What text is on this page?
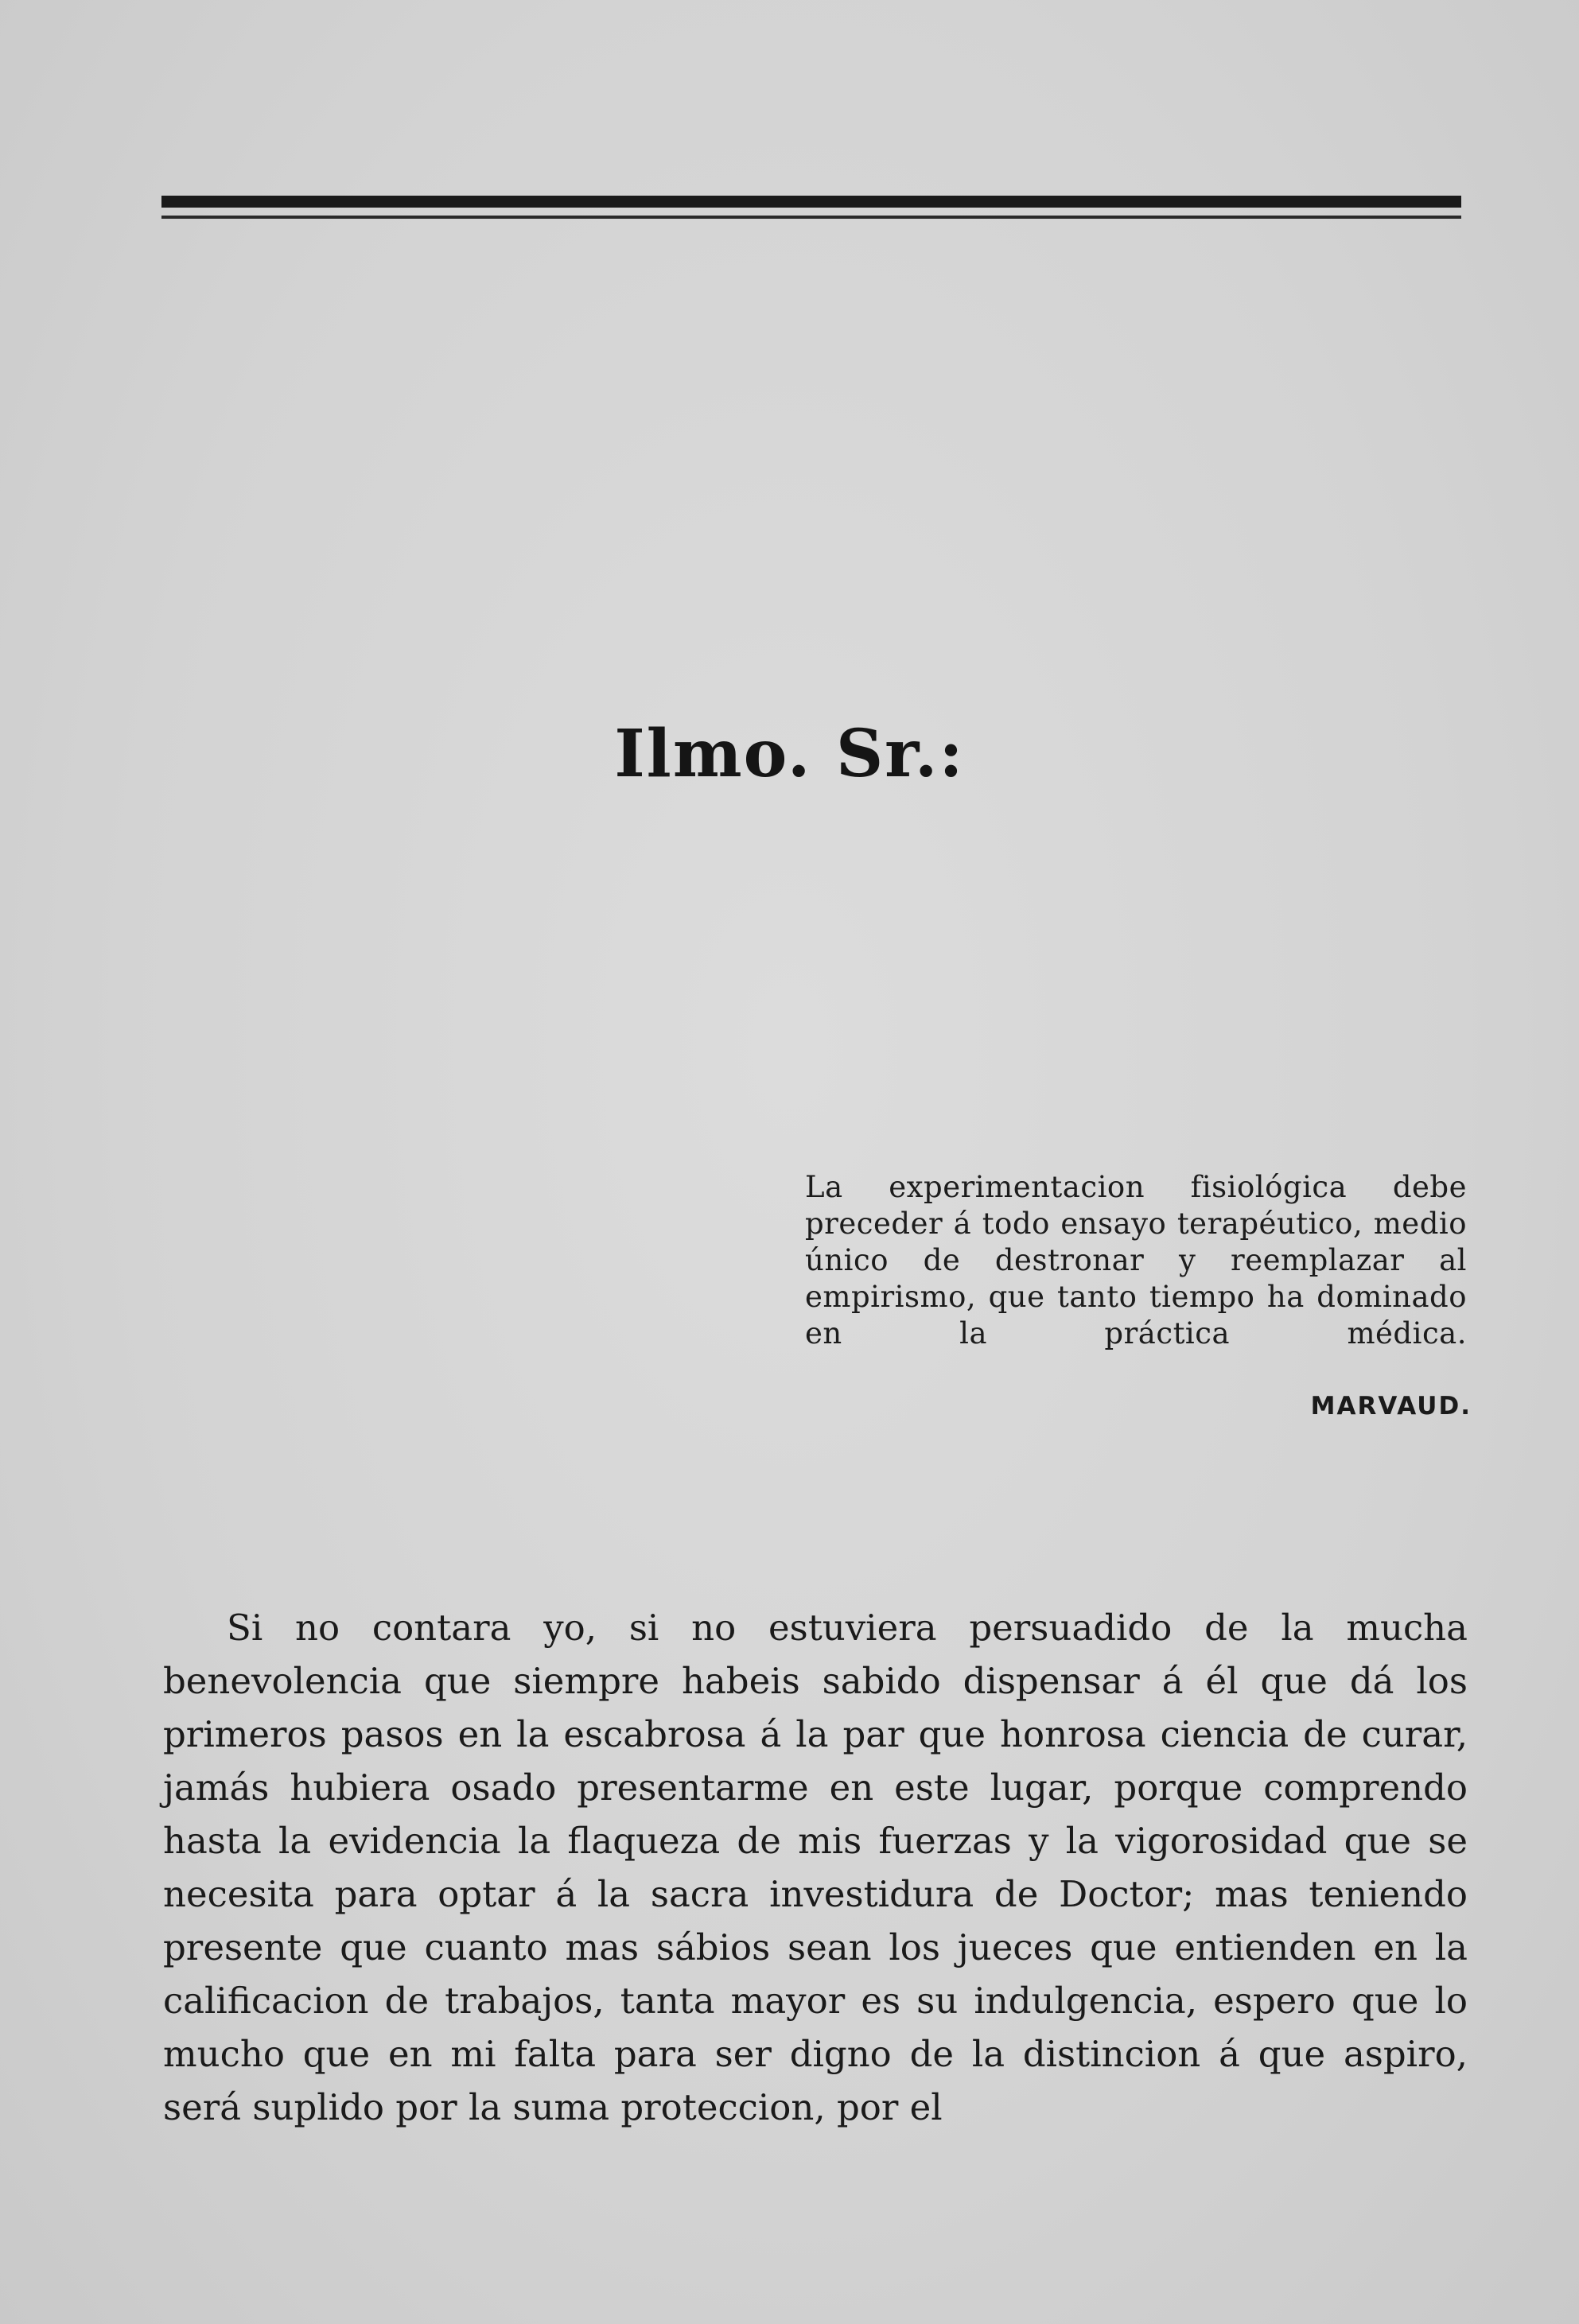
Ilmo. Sr.:
La experimentacion fisiológica debe preceder á todo ensayo terapéutico, medio único de destronar y reemplazar al empirismo, que tanto tiempo ha dominado en la práctica médica.
MARVAUD.

Si no contara yo, si no estuviera persuadido de la mucha benevolencia que siempre habeis sabido dispensar á él que dá los primeros pasos en la escabrosa á la par que honrosa ciencia de curar, jamás hubiera osado presentarme en este lugar, porque comprendo hasta la evidencia la flaqueza de mis fuerzas y la vigorosidad que se necesita para optar á la sacra investidura de Doctor; mas teniendo presente que cuanto mas sábios sean los jueces que entienden en la calificacion de trabajos, tanta mayor es su indulgencia, espero que lo mucho que en mi falta para ser digno de la distincion á que aspiro, será suplido por la suma proteccion, por el
